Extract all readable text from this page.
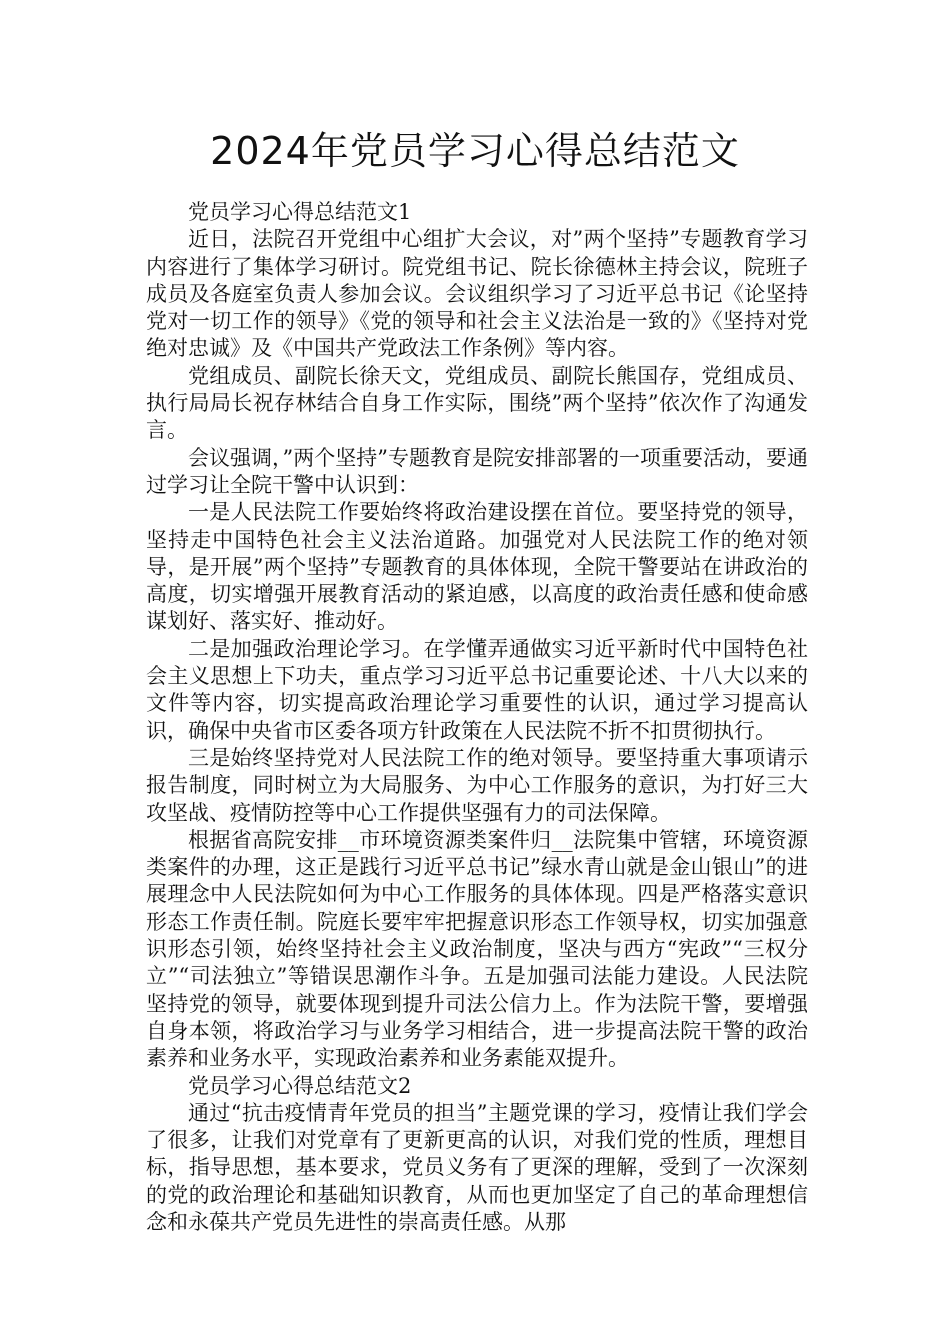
2024年党员学习心得总结范文

党员学习心得总结范文1

近日，法院召开党组中心组扩大会议，对”两个坚持”专题教育学习内容进行了集体学习研讨。院党组书记、院长徐德林主持会议，院班子成员及各庭室负责人参加会议。会议组织学习了习近平总书记《论坚持党对一切工作的领导》《党的领导和社会主义法治是一致的》《坚持对党绝对忠诚》及《中国共产党政法工作条例》等内容。

党组成员、副院长徐天文，党组成员、副院长熊国存，党组成员、执行局局长祝存林结合自身工作实际，围绕”两个坚持”依次作了沟通发言。

会议强调，”两个坚持”专题教育是院安排部署的一项重要活动，要通过学习让全院干警中认识到：

一是人民法院工作要始终将政治建设摆在首位。要坚持党的领导，坚持走中国特色社会主义法治道路。加强党对人民法院工作的绝对领导，是开展”两个坚持”专题教育的具体体现，全院干警要站在讲政治的高度，切实增强开展教育活动的紧迫感，以高度的政治责任感和使命感谋划好、落实好、推动好。

二是加强政治理论学习。在学懂弄通做实习近平新时代中国特色社会主义思想上下功夫，重点学习习近平总书记重要论述、十八大以来的文件等内容，切实提高政治理论学习重要性的认识，通过学习提高认识，确保中央省市区委各项方针政策在人民法院不折不扣贯彻执行。

三是始终坚持党对人民法院工作的绝对领导。要坚持重大事项请示报告制度，同时树立为大局服务、为中心工作服务的意识，为打好三大攻坚战、疫情防控等中心工作提供坚强有力的司法保障。

根据省高院安排__市环境资源类案件归__法院集中管辖，环境资源类案件的办理，这正是践行习近平总书记”绿水青山就是金山银山”的进展理念中人民法院如何为中心工作服务的具体体现。四是严格落实意识形态工作责任制。院庭长要牢牢把握意识形态工作领导权，切实加强意识形态引领，始终坚持社会主义政治制度，坚决与西方“宪政”“三权分立”“司法独立”等错误思潮作斗争。五是加强司法能力建设。人民法院坚持党的领导，就要体现到提升司法公信力上。作为法院干警，要增强自身本领，将政治学习与业务学习相结合，进一步提高法院干警的政治素养和业务水平，实现政治素养和业务素能双提升。

党员学习心得总结范文2

通过“抗击疫情青年党员的担当”主题党课的学习，疫情让我们学会了很多，让我们对党章有了更新更高的认识，对我们党的性质，理想目标，指导思想，基本要求，党员义务有了更深的理解，受到了一次深刻的党的政治理论和基础知识教育，从而也更加坚定了自己的革命理想信念和永葆共产党员先进性的崇高责任感。从那
